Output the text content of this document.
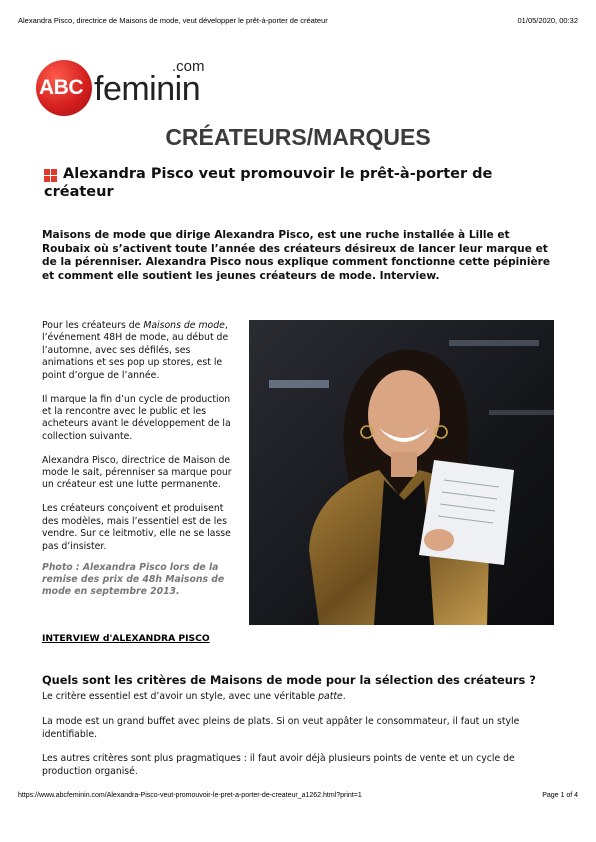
Alexandra Pisco, directrice de Maisons de mode, veut développer le prêt-à-porter de créateur	01/05/2020, 00:32
ABC feminin
.com
CRÉATEURS/MARQUES
Alexandra Pisco veut promouvoir le prêt-à-porter de créateur
Maisons de mode que dirige Alexandra Pisco, est une ruche installée à Lille et Roubaix où s’activent toute l’année des créateurs désireux de lancer leur marque et de la pérenniser. Alexandra Pisco nous explique comment fonctionne cette pépinière et comment elle soutient les jeunes créateurs de mode. Interview.

Pour les créateurs de Maisons de mode, l’événement 48H de mode, au début de l’automne, avec ses défilés, ses animations et ses pop up stores, est le point d’orgue de l’année.

Il marque la fin d’un cycle de production et la rencontre avec le public et les acheteurs avant le développement de la collection suivante.

Alexandra Pisco, directrice de Maison de mode le sait, pérenniser sa marque pour un créateur est une lutte permanente.

Les créateurs conçoivent et produisent des modèles, mais l’essentiel est de les vendre. Sur ce leitmotiv, elle ne se lasse pas d’insister.

Photo : Alexandra Pisco lors de la remise des prix de 48h Maisons de mode en septembre 2013.

INTERVIEW d'ALEXANDRA PISCO
Quels sont les critères de Maisons de mode pour la sélection des créateurs ?
Le critère essentiel est d’avoir un style, avec une véritable patte.
La mode est un grand buffet avec pleins de plats. Si on veut appâter le consommateur, il faut un style identifiable.
Les autres critères sont plus pragmatiques : il faut avoir déjà plusieurs points de vente et un cycle de production organisé.
https://www.abcfeminin.com/Alexandra-Pisco-veut-promouvoir-le-pret-a-porter-de-createur_a1262.html?print=1	Page 1 of 4
